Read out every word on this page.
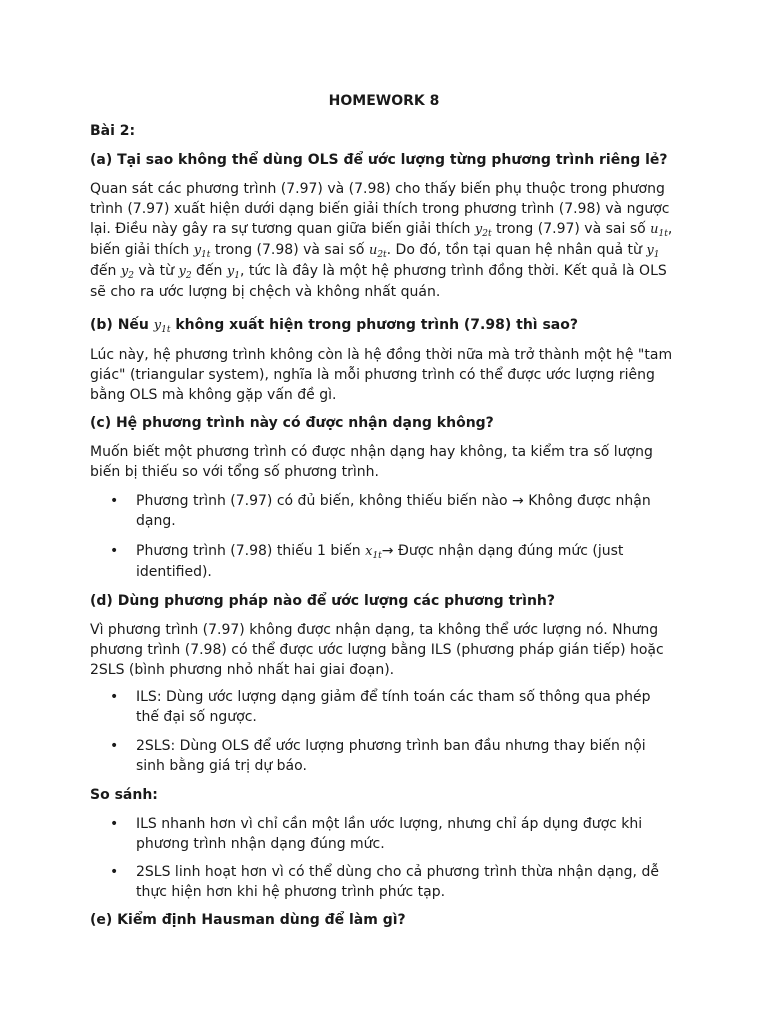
HOMEWORK 8
Bài 2:
(a) Tại sao không thể dùng OLS để ước lượng từng phương trình riêng lẻ?
Quan sát các phương trình (7.97) và (7.98) cho thấy biến phụ thuộc trong phương trình (7.97) xuất hiện dưới dạng biến giải thích trong phương trình (7.98) và ngược lại. Điều này gây ra sự tương quan giữa biến giải thích $y_{2t}$ trong (7.97) và sai số $u_{1t}$, biến giải thích $y_{1t}$ trong (7.98) và sai số $u_{2t}$. Do đó, tồn tại quan hệ nhân quả từ $y_1$ đến $y_2$ và từ $y_2$ đến $y_1$, tức là đây là một hệ phương trình đồng thời. Kết quả là OLS sẽ cho ra ước lượng bị chệch và không nhất quán.
(b) Nếu $y_{1t}$ không xuất hiện trong phương trình (7.98) thì sao?
Lúc này, hệ phương trình không còn là hệ đồng thời nữa mà trở thành một hệ "tam giác" (triangular system), nghĩa là mỗi phương trình có thể được ước lượng riêng bằng OLS mà không gặp vấn đề gì.
(c) Hệ phương trình này có được nhận dạng không?
Muốn biết một phương trình có được nhận dạng hay không, ta kiểm tra số lượng biến bị thiếu so với tổng số phương trình.
•	Phương trình (7.97) có đủ biến, không thiếu biến nào → Không được nhận dạng.
•	Phương trình (7.98) thiếu 1 biến $x_{1t}\to$ Được nhận dạng đúng mức (just identified).
(d) Dùng phương pháp nào để ước lượng các phương trình?
Vì phương trình (7.97) không được nhận dạng, ta không thể ước lượng nó. Nhưng phương trình (7.98) có thể được ước lượng bằng ILS (phương pháp gián tiếp) hoặc 2SLS (bình phương nhỏ nhất hai giai đoạn).
•	ILS: Dùng ước lượng dạng giảm để tính toán các tham số thông qua phép thế đại số ngược.
•	2SLS: Dùng OLS để ước lượng phương trình ban đầu nhưng thay biến nội sinh bằng giá trị dự báo.
So sánh:
•	ILS nhanh hơn vì chỉ cần một lần ước lượng, nhưng chỉ áp dụng được khi phương trình nhận dạng đúng mức.
•	2SLS linh hoạt hơn vì có thể dùng cho cả phương trình thừa nhận dạng, dễ thực hiện hơn khi hệ phương trình phức tạp.
(e) Kiểm định Hausman dùng để làm gì?
